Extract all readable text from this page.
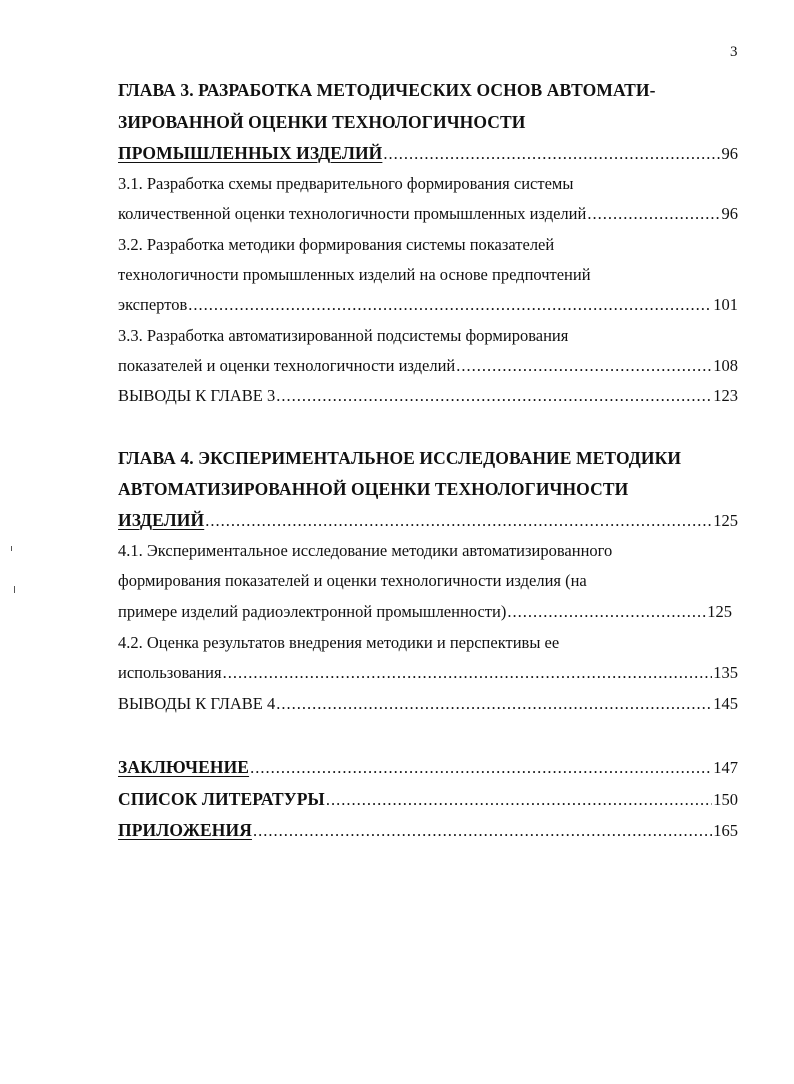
3
ГЛАВА 3. РАЗРАБОТКА МЕТОДИЧЕСКИХ ОСНОВ АВТОМАТИ-
ЗИРОВАННОЙ ОЦЕНКИ ТЕХНОЛОГИЧНОСТИ
ПРОМЫШЛЕННЫХ ИЗДЕЛИЙ .....	96
3.1. Разработка схемы предварительного формирования системы
количественной оценки технологичности промышленных изделий .....	96
3.2. Разработка методики формирования системы показателей
технологичности промышленных изделий на основе предпочтений
экспертов .....	101
3.3. Разработка автоматизированной подсистемы формирования
показателей и оценки технологичности изделий .....	108
ВЫВОДЫ К ГЛАВЕ 3 .....	123
ГЛАВА 4. ЭКСПЕРИМЕНТАЛЬНОЕ ИССЛЕДОВАНИЕ МЕТОДИКИ
АВТОМАТИЗИРОВАННОЙ ОЦЕНКИ ТЕХНОЛОГИЧНОСТИ
ИЗДЕЛИЙ .....	125
4.1. Экспериментальное исследование методики автоматизированного
формирования показателей и оценки технологичности изделия (на
примере изделий радиоэлектронной промышленности) .....	125
4.2. Оценка результатов внедрения методики и перспективы ее
использования .....	135
ВЫВОДЫ К ГЛАВЕ 4 .....	145
ЗАКЛЮЧЕНИЕ .....	147
СПИСОК ЛИТЕРАТУРЫ .....	150
ПРИЛОЖЕНИЯ .....	165
